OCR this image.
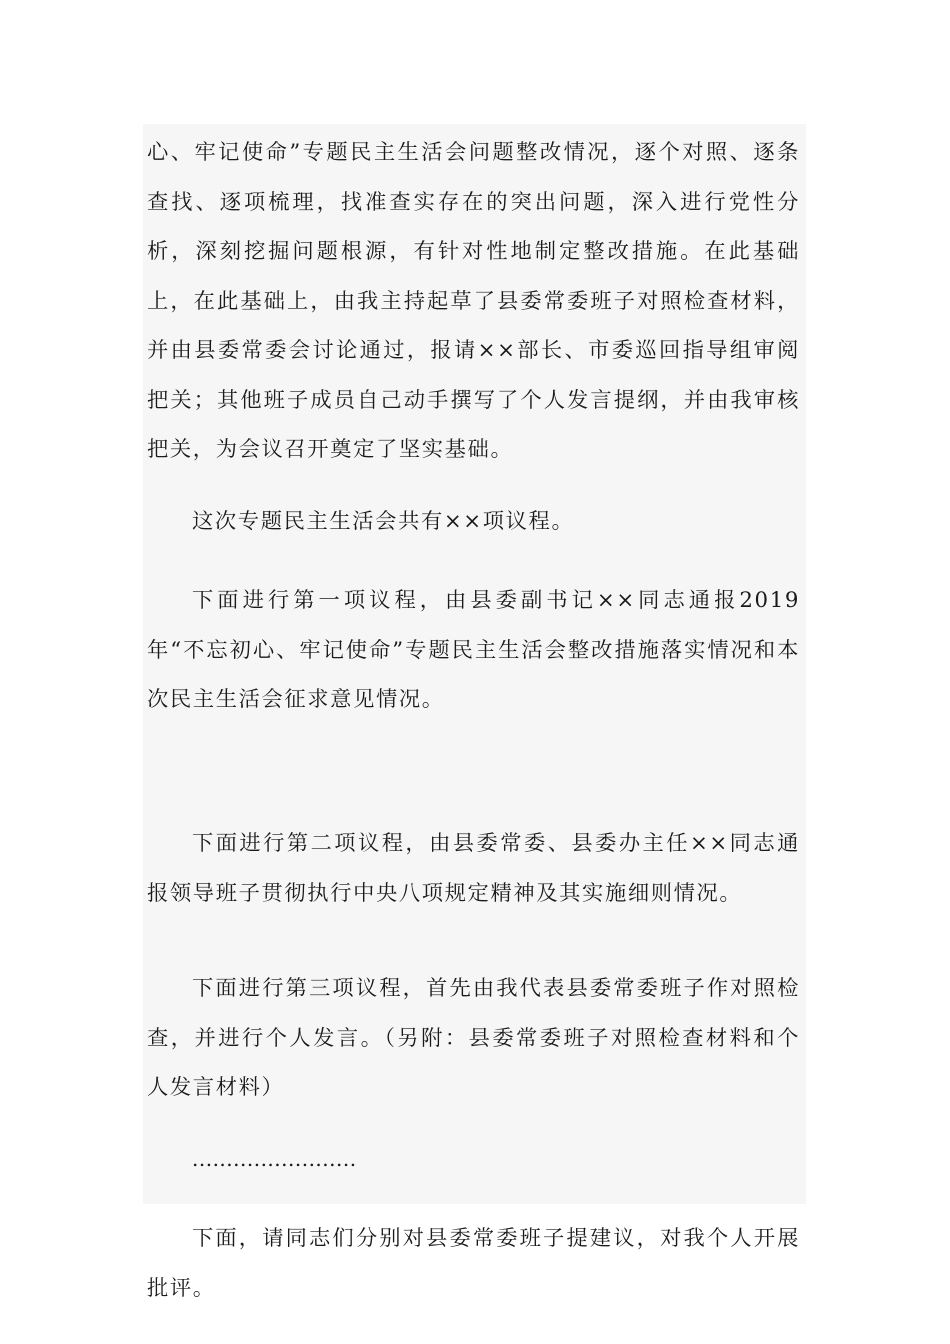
心、牢记使命”专题民主生活会问题整改情况，逐个对照、逐条查找、逐项梳理，找准查实存在的突出问题，深入进行党性分析，深刻挖掘问题根源，有针对性地制定整改措施。在此基础上，在此基础上，由我主持起草了县委常委班子对照检查材料，并由县委常委会讨论通过，报请××部长、市委巡回指导组审阅把关；其他班子成员自己动手撰写了个人发言提纲，并由我审核把关，为会议召开奠定了坚实基础。

这次专题民主生活会共有××项议程。

下面进行第一项议程，由县委副书记××同志通报2019年“不忘初心、牢记使命”专题民主生活会整改措施落实情况和本次民主生活会征求意见情况。

下面进行第二项议程，由县委常委、县委办主任××同志通报领导班子贯彻执行中央八项规定精神及其实施细则情况。

下面进行第三项议程，首先由我代表县委常委班子作对照检查，并进行个人发言。（另附：县委常委班子对照检查材料和个人发言材料）

........................

下面，请同志们分别对县委常委班子提建议，对我个人开展批评。
